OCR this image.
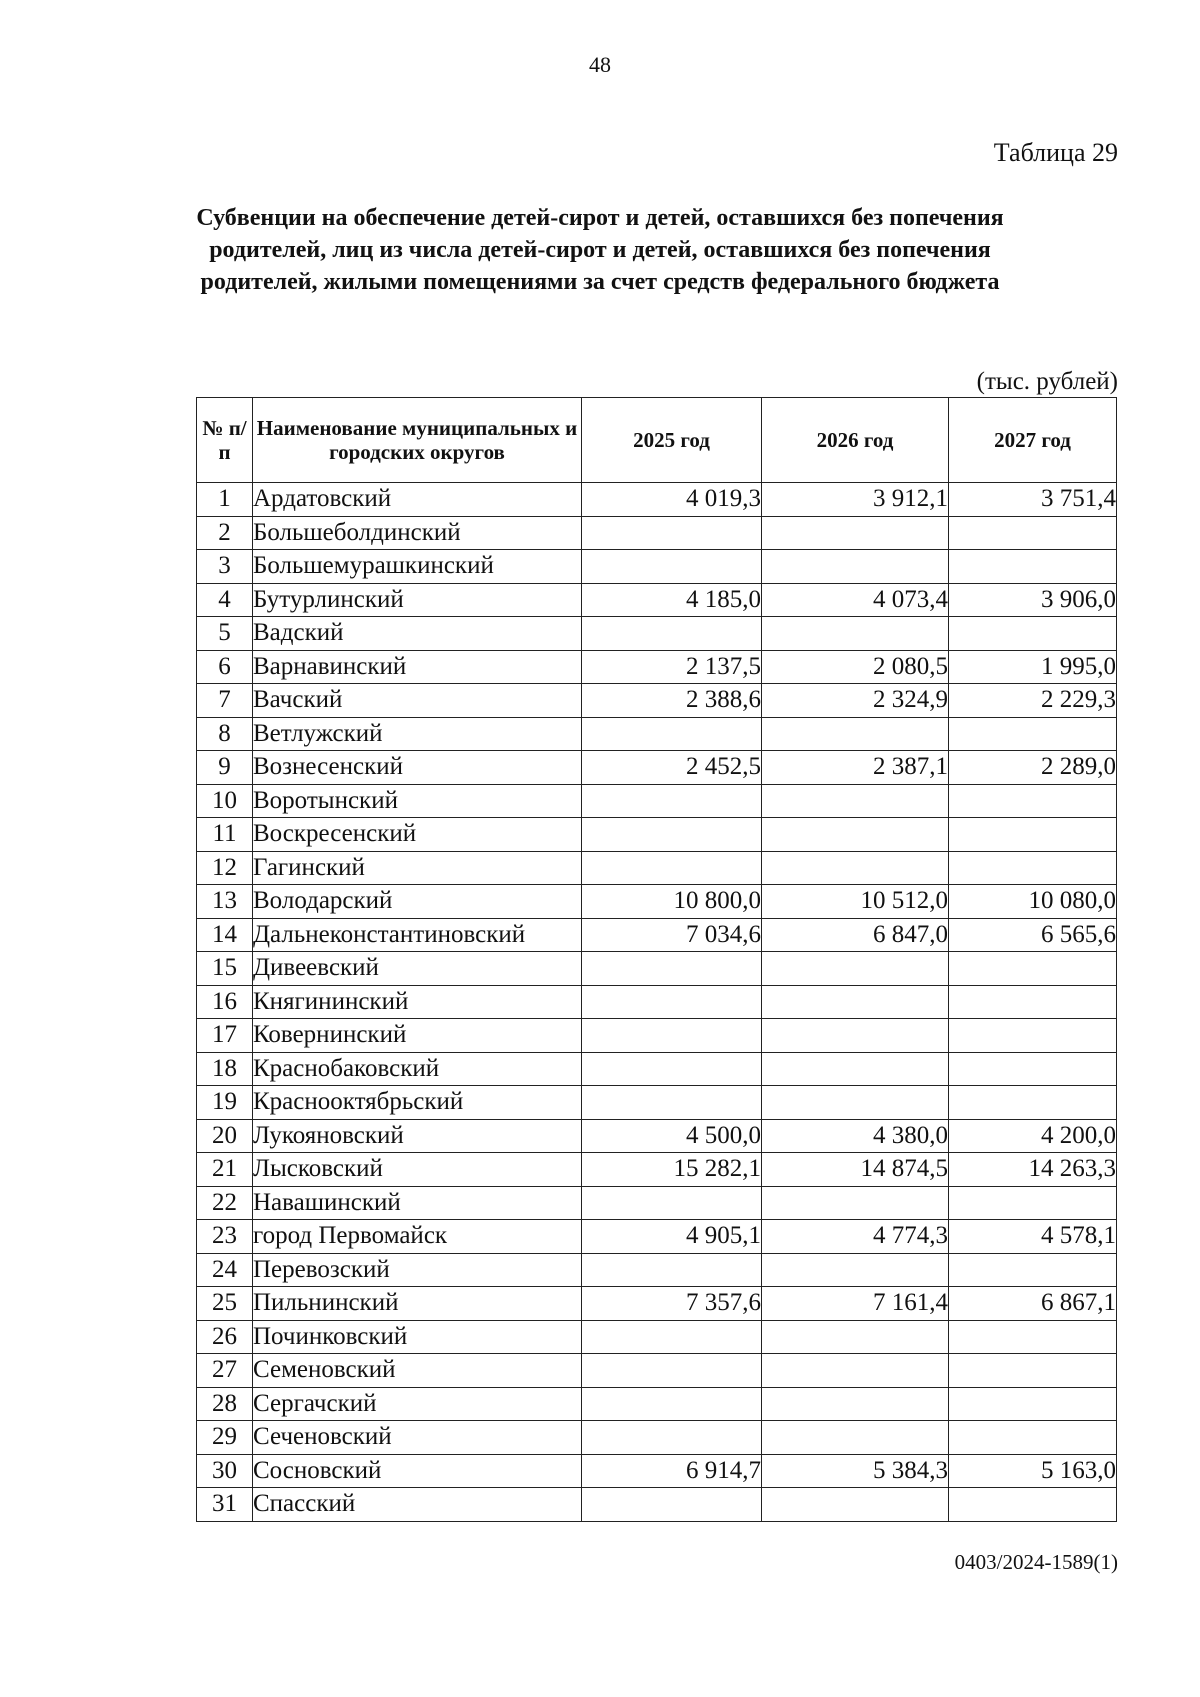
48
Таблица 29
Субвенции на обеспечение детей-сирот и детей, оставшихся без попечения родителей, лиц из числа детей-сирот и детей, оставшихся без попечения родителей, жилыми помещениями за счет средств федерального бюджета
(тыс. рублей)
№ п/п	Наименование муниципальных и городских округов	2025 год	2026 год	2027 год
1	Ардатовский	4 019,3	3 912,1	3 751,4
2	Большеболдинский			
3	Большемурашкинский			
4	Бутурлинский	4 185,0	4 073,4	3 906,0
5	Вадский			
6	Варнавинский	2 137,5	2 080,5	1 995,0
7	Вачский	2 388,6	2 324,9	2 229,3
8	Ветлужский			
9	Вознесенский	2 452,5	2 387,1	2 289,0
10	Воротынский			
11	Воскресенский			
12	Гагинский			
13	Володарский	10 800,0	10 512,0	10 080,0
14	Дальнеконстантиновский	7 034,6	6 847,0	6 565,6
15	Дивеевский			
16	Княгининский			
17	Ковернинский			
18	Краснобаковский			
19	Краснооктябрьский			
20	Лукояновский	4 500,0	4 380,0	4 200,0
21	Лысковский	15 282,1	14 874,5	14 263,3
22	Навашинский			
23	город Первомайск	4 905,1	4 774,3	4 578,1
24	Перевозский			
25	Пильнинский	7 357,6	7 161,4	6 867,1
26	Починковский			
27	Семеновский			
28	Сергачский			
29	Сеченовский			
30	Сосновский	6 914,7	5 384,3	5 163,0
31	Спасский			
0403/2024-1589(1)
